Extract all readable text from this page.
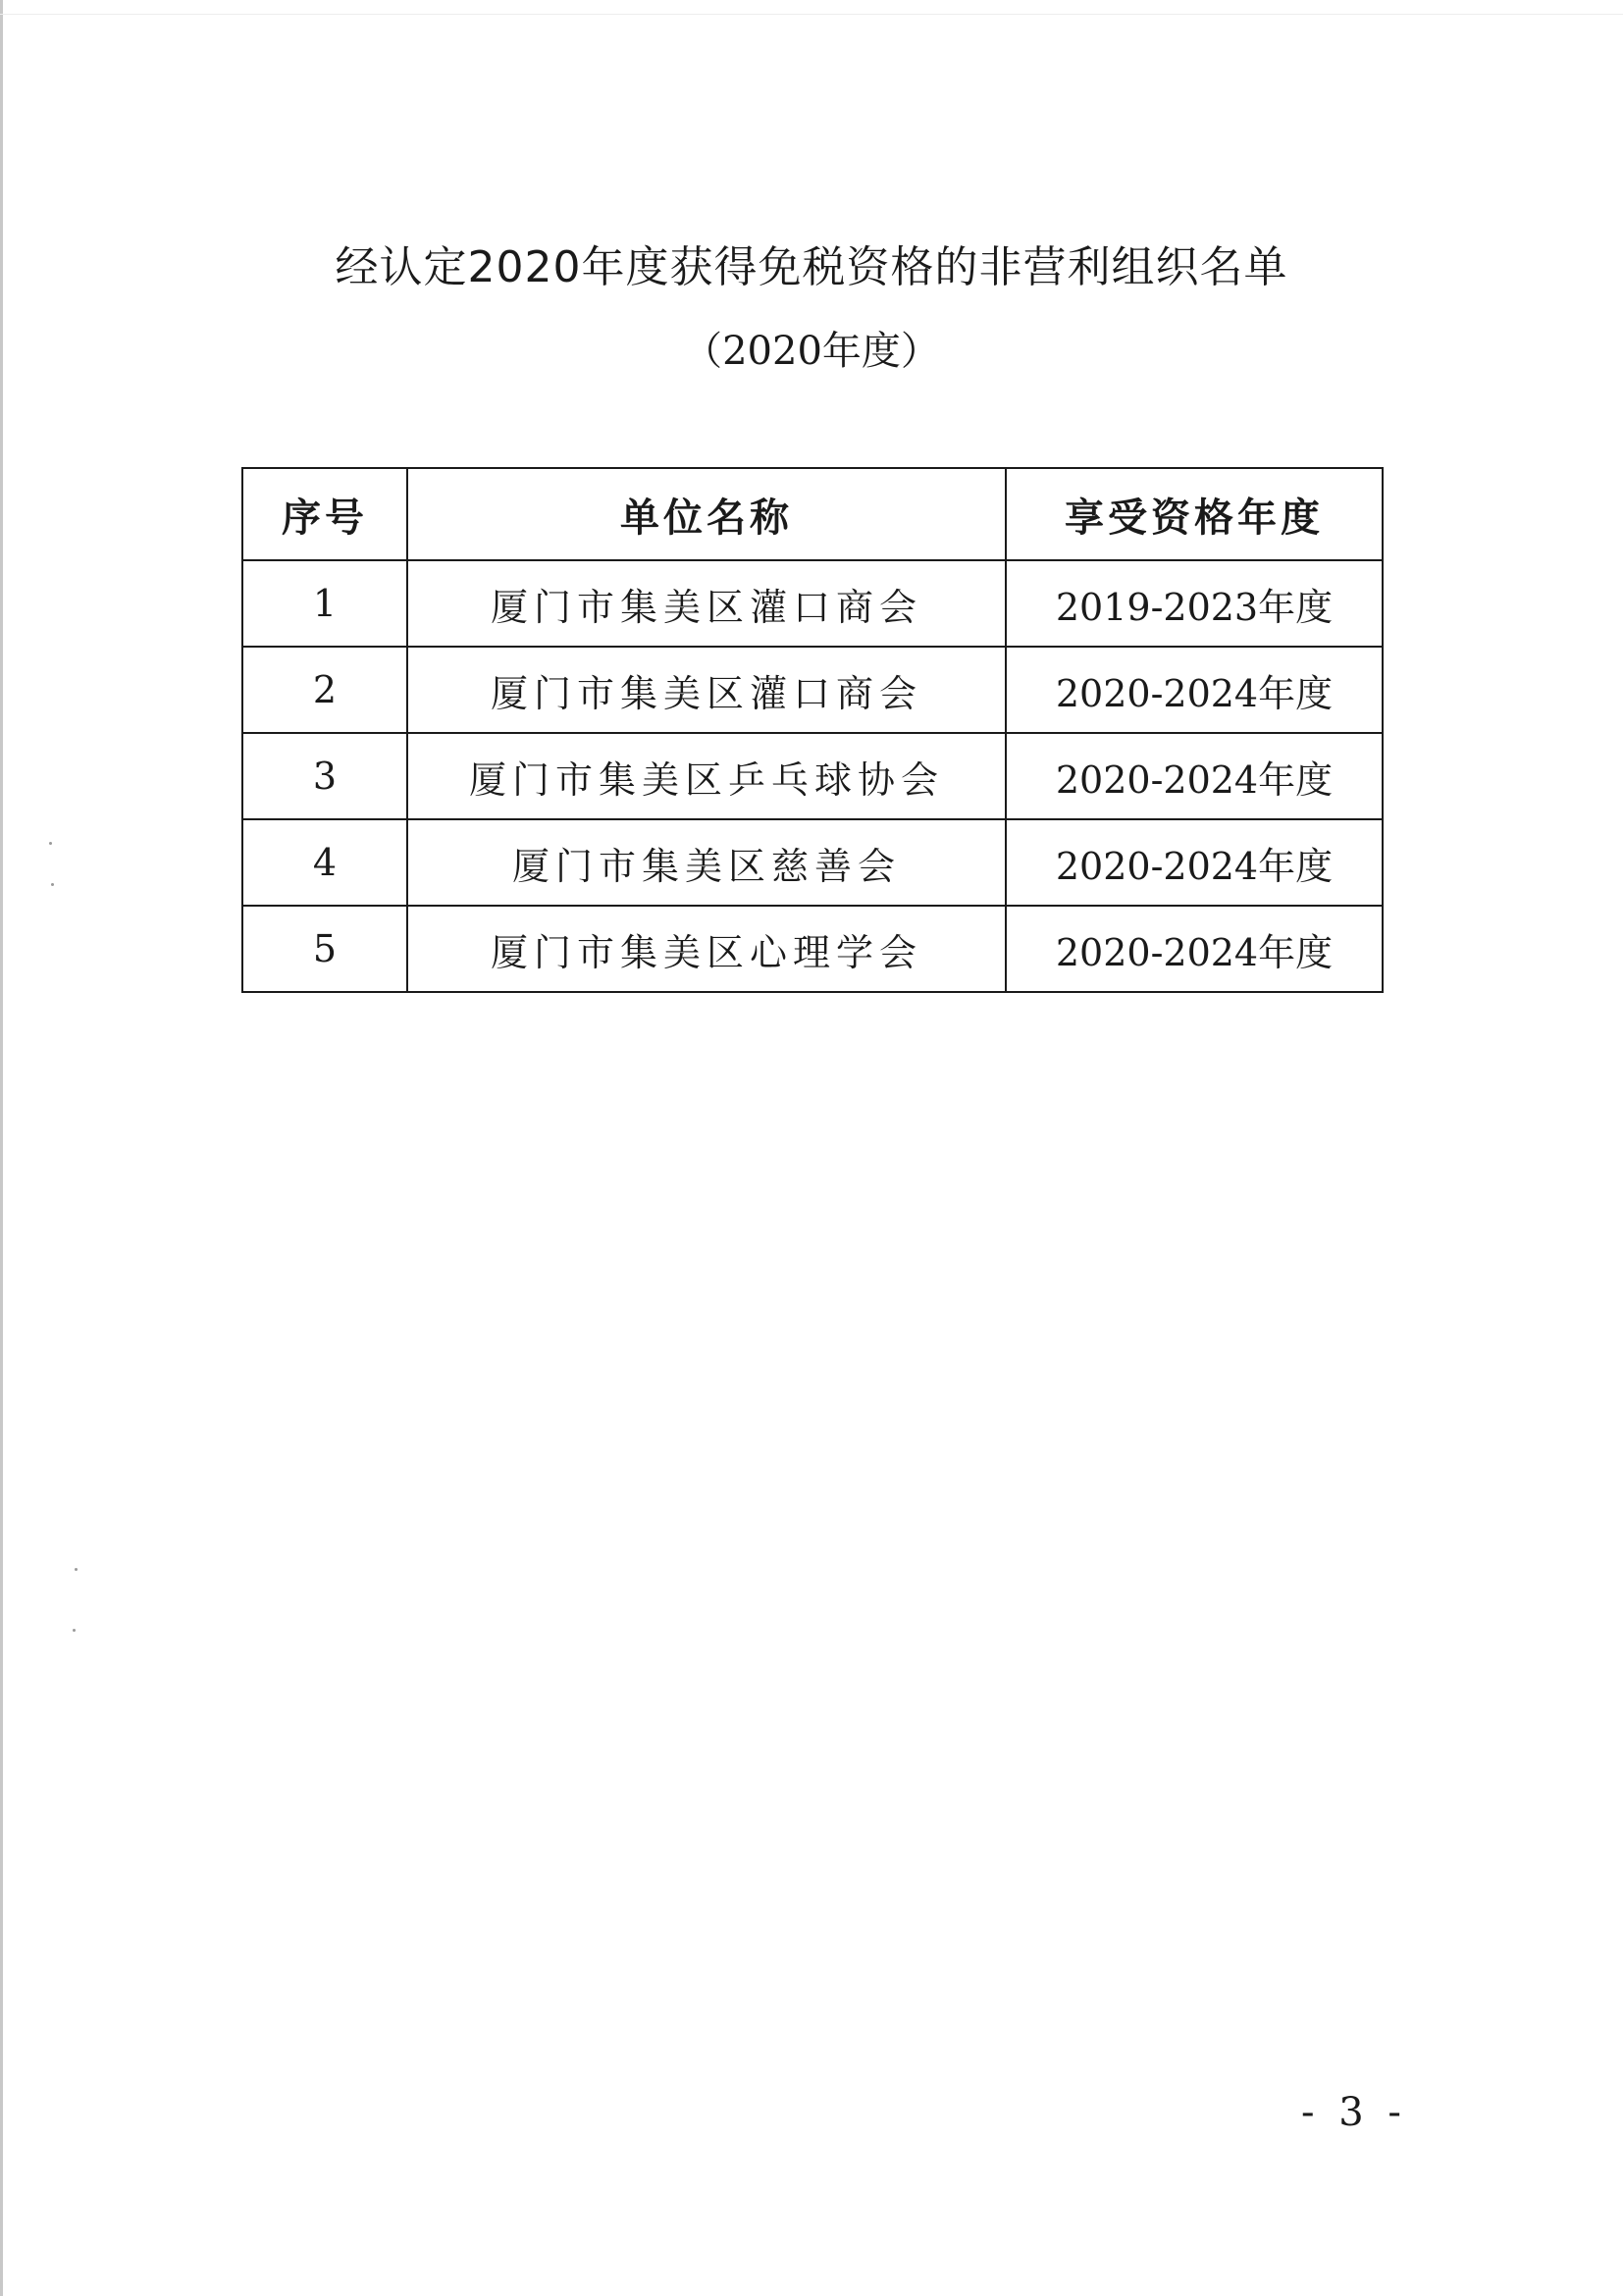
经认定2020年度获得免税资格的非营利组织名单
（2020年度）
序号	单位名称	享受资格年度
1	厦门市集美区灌口商会	2019-2023年度
2	厦门市集美区灌口商会	2020-2024年度
3	厦门市集美区乒乓球协会	2020-2024年度
4	厦门市集美区慈善会	2020-2024年度
5	厦门市集美区心理学会	2020-2024年度
- 3 -
